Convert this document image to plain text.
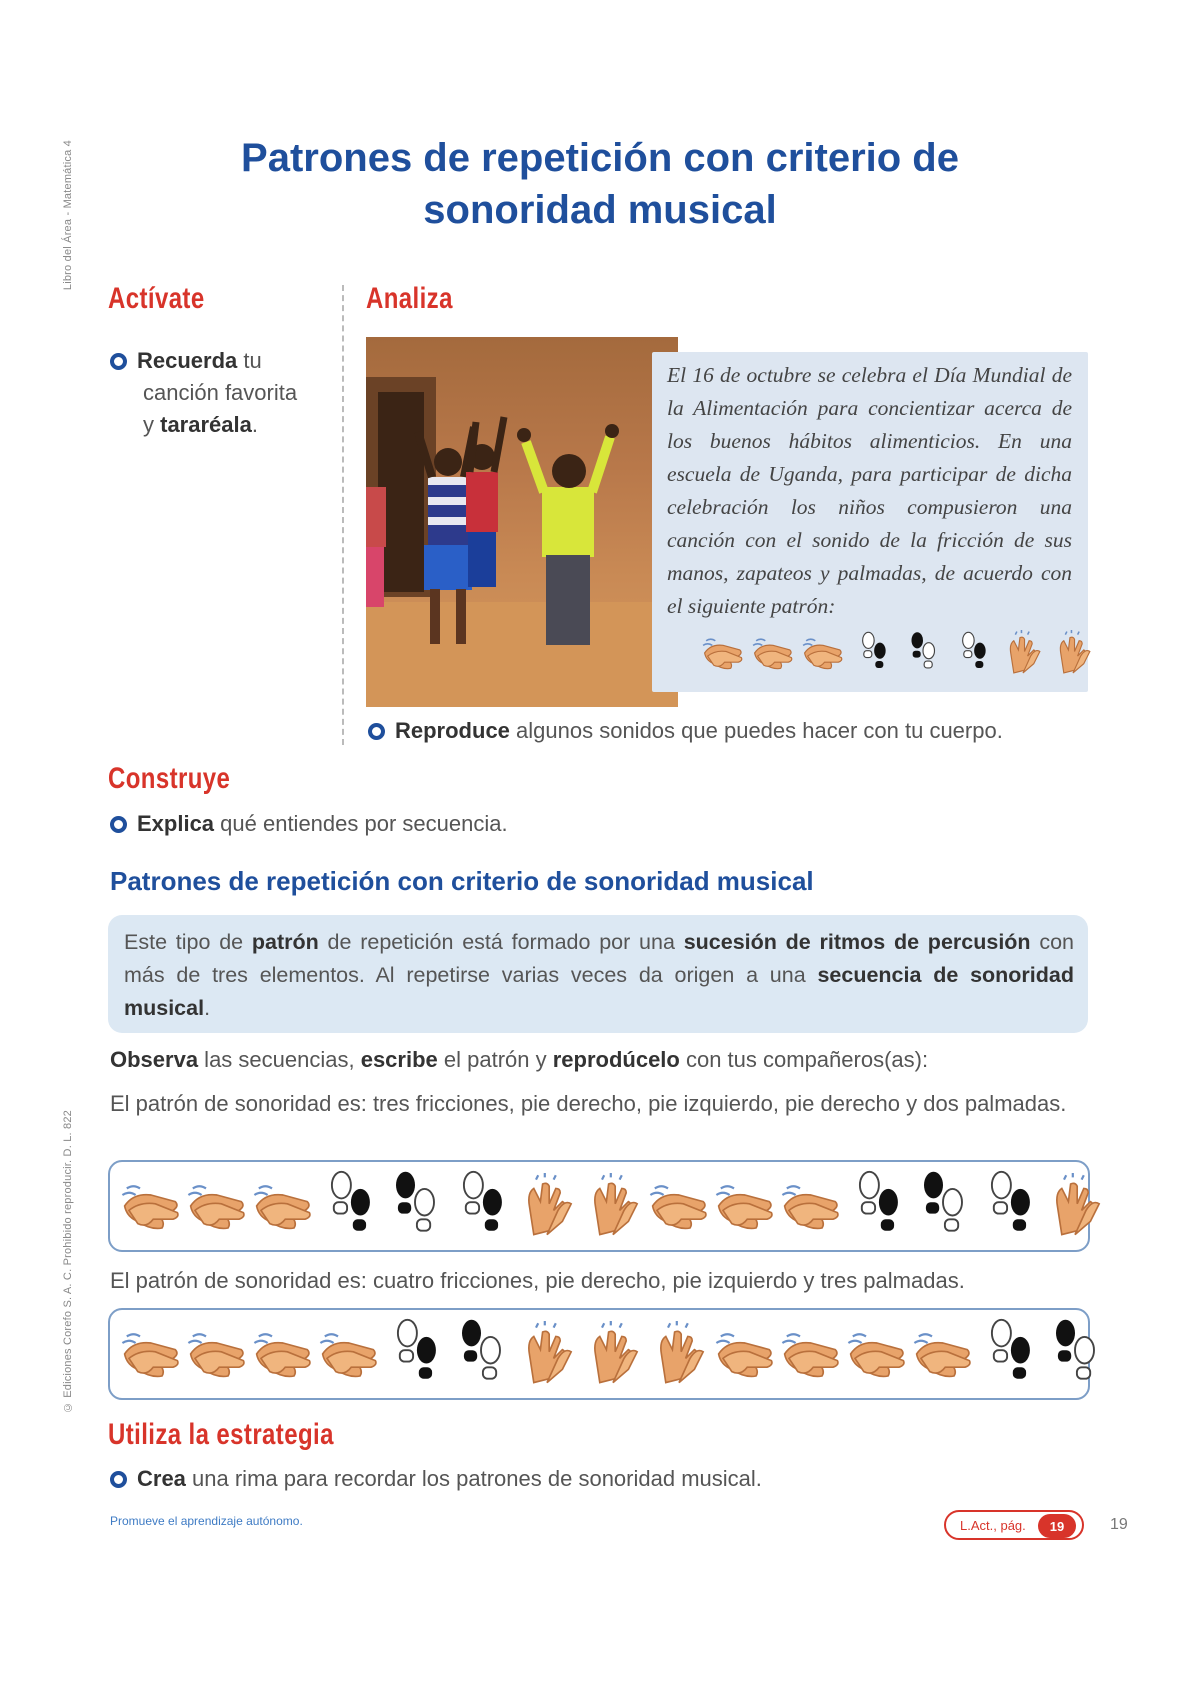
Libro del Área - Matemática 4
© Ediciones Corefo S. A. C. Prohibido reproducir. D. L. 822
Patrones de repetición con criterio de
sonoridad musical
Actívate
Recuerda tu
canción favorita
y tararéala.
Analiza
El 16 de octubre se celebra el Día Mundial de la Alimentación para concientizar acerca de los buenos hábitos alimenticios. En una escuela de Uganda, para participar de dicha celebración los niños compusieron una canción con el sonido de la fricción de sus manos, zapateos y palmadas, de acuerdo con el siguiente patrón:
Reproduce algunos sonidos que puedes hacer con tu cuerpo.
Construye
Explica qué entiendes por secuencia.
Patrones de repetición con criterio de sonoridad musical
Este tipo de patrón de repetición está formado por una sucesión de ritmos de percusión con más de tres elementos. Al repetirse varias veces da origen a una secuencia de sonoridad musical.
Observa las secuencias, escribe el patrón y reprodúcelo con tus compañeros(as):
El patrón de sonoridad es: tres fricciones, pie derecho, pie izquierdo, pie derecho y dos palmadas.
El patrón de sonoridad es: cuatro fricciones, pie derecho, pie izquierdo y tres palmadas.
Utiliza la estrategia
Crea una rima para recordar los patrones de sonoridad musical.
Promueve el aprendizaje autónomo.	L.Act., pág.	19	19
